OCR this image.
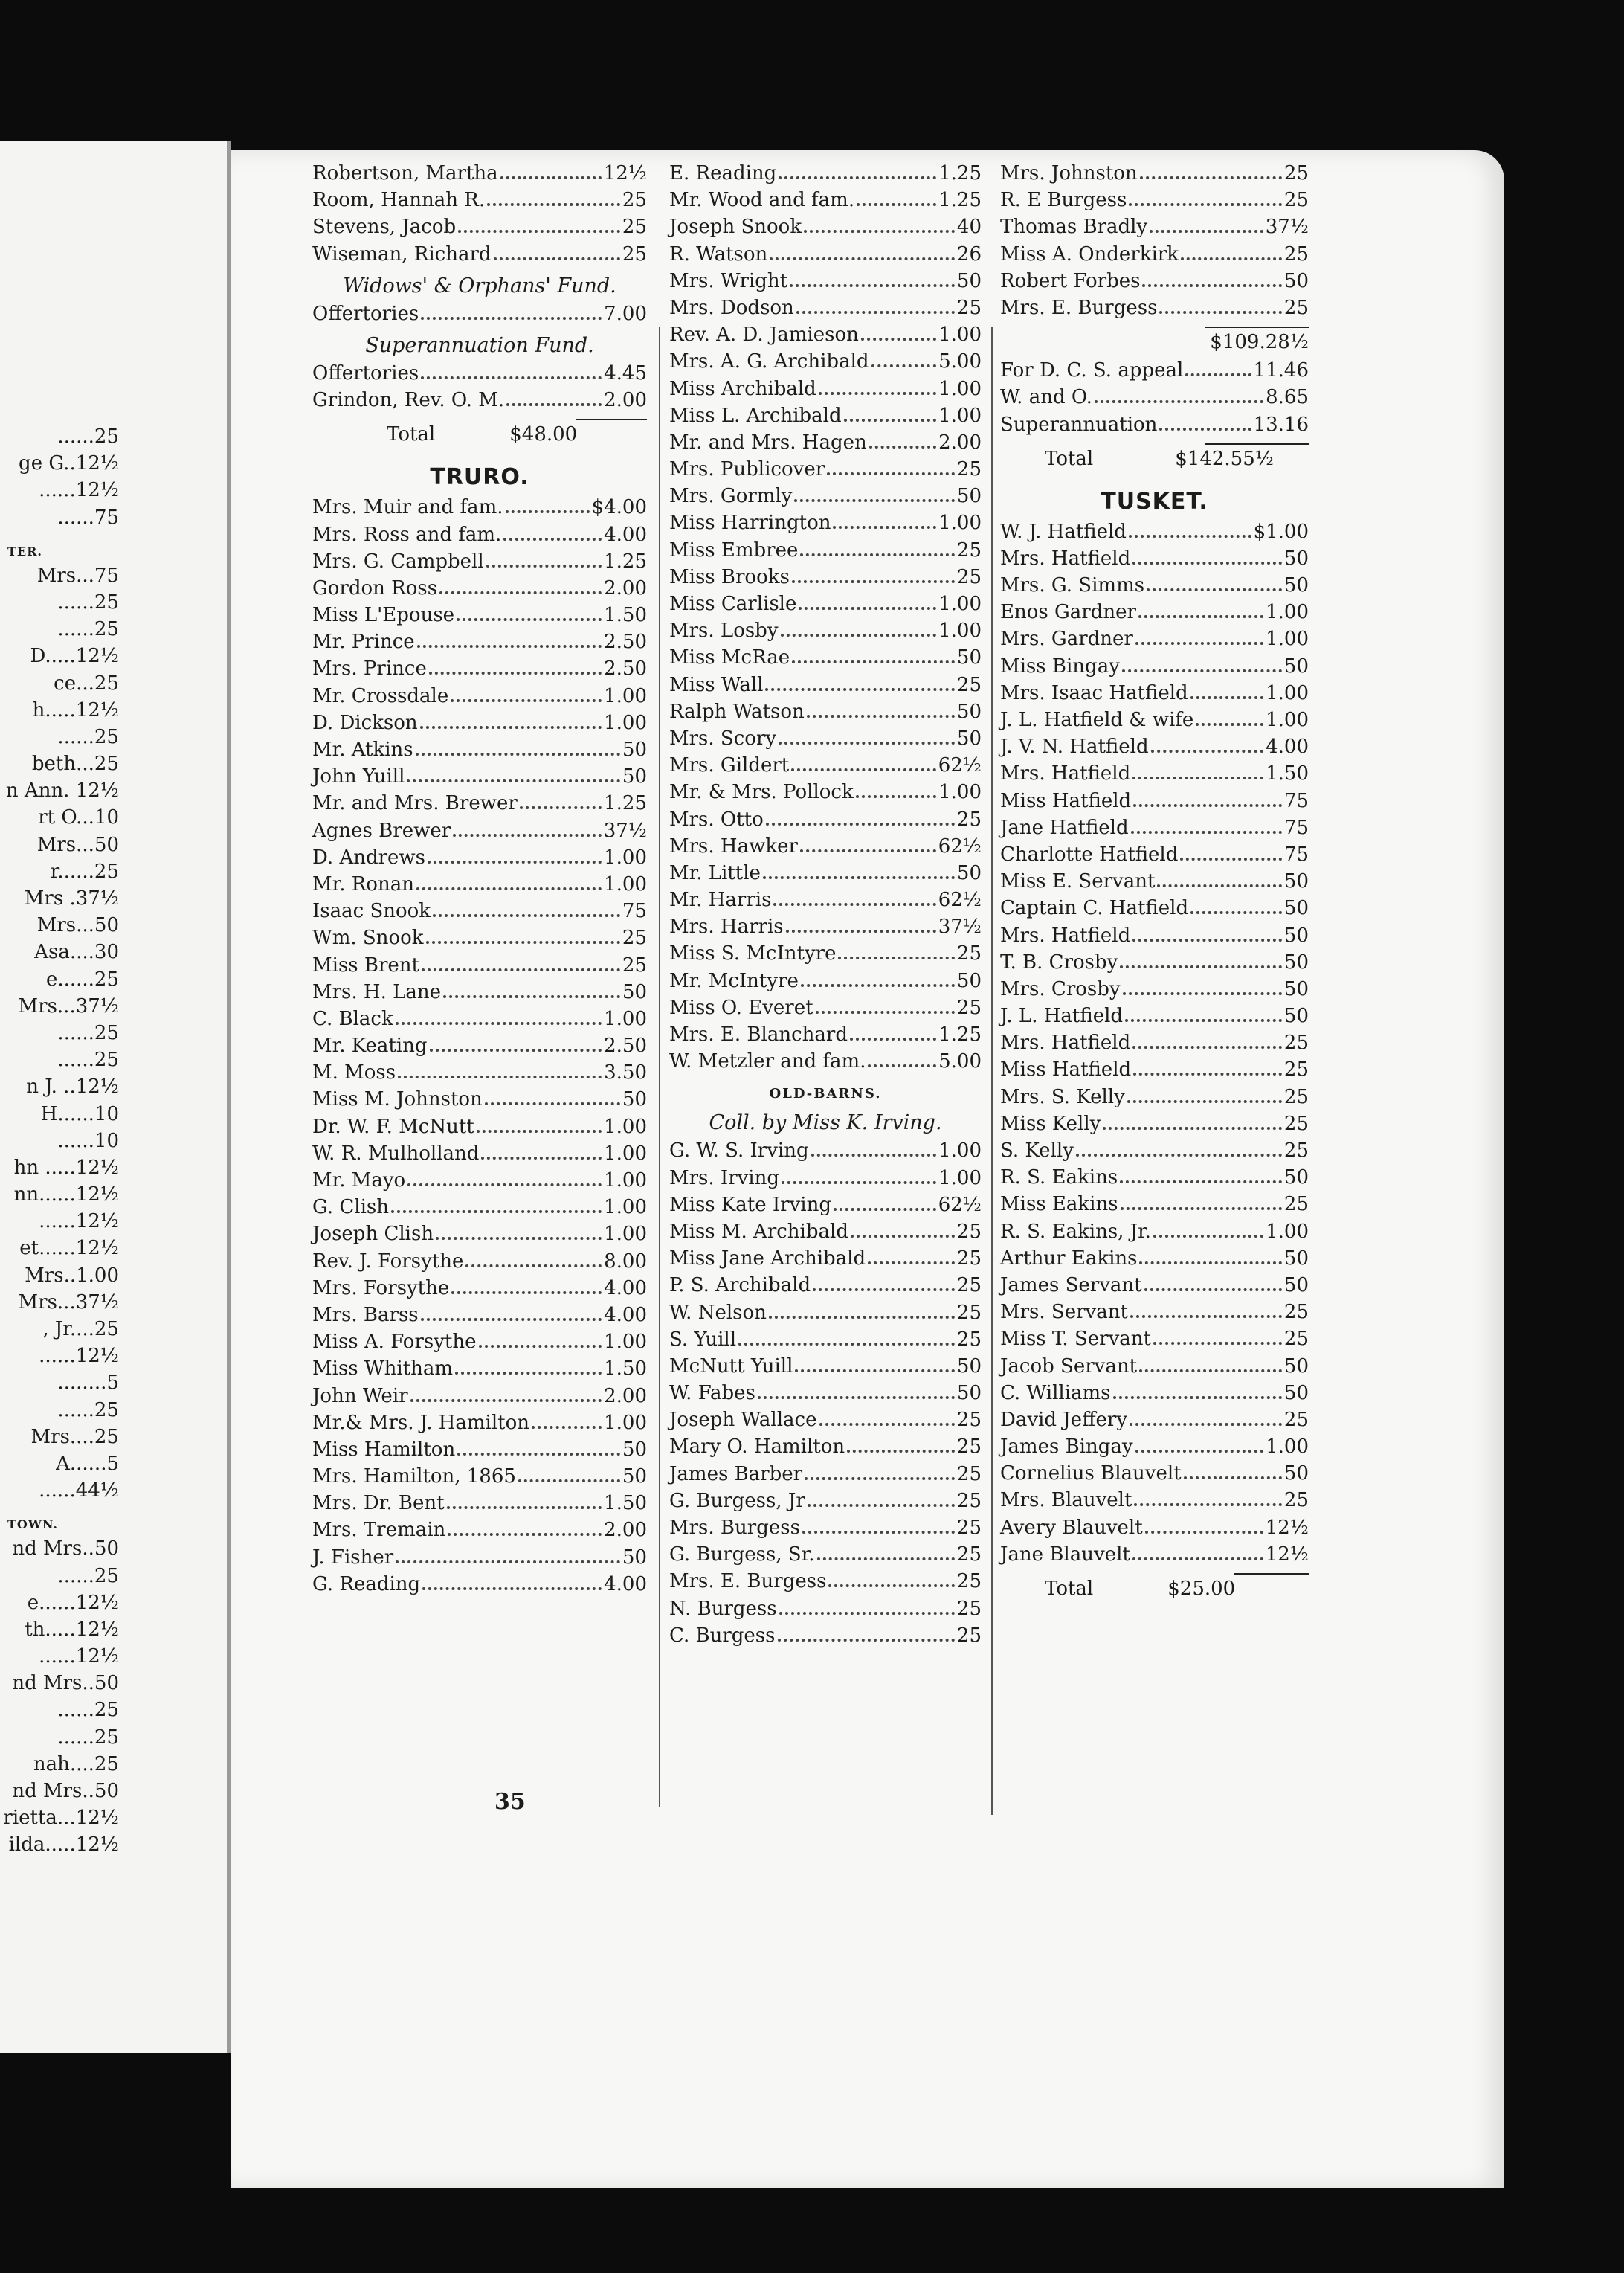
......25
ge G..12½
......12½
......75
TER.
Mrs...75
......25
......25
D.....12½
ce...25
h.....12½
......25
beth...25
n Ann. 12½
rt O...10
Mrs...50
r......25
Mrs .37½
Mrs...50
Asa....30
e......25
Mrs...37½
......25
......25
n J. ..12½
H......10
......10
hn .....12½
nn......12½
......12½
et......12½
Mrs..1.00
Mrs...37½
, Jr....25
......12½
........5
......25
Mrs....25
A......5
......44½
TOWN.
nd Mrs..50
......25
e......12½
th.....12½
......12½
nd Mrs..50
......25
......25
nah....25
nd Mrs..50
rietta...12½
ilda.....12½
Robertson, Martha	12½
Room, Hannah R.	25
Stevens, Jacob	25
Wiseman, Richard	25
Widows' & Orphans' Fund.
Offertories	7.00
Superannuation Fund.
Offertories	4.45
Grindon, Rev. O. M.	2.00
Total	$48.00
TRURO.
Mrs. Muir and fam.	$4.00
Mrs. Ross and fam.	4.00
Mrs. G. Campbell	1.25
Gordon Ross	2.00
Miss L'Epouse	1.50
Mr. Prince	2.50
Mrs. Prince	2.50
Mr. Crossdale	1.00
D. Dickson	1.00
Mr. Atkins	50
John Yuill	50
Mr. and Mrs. Brewer	1.25
Agnes Brewer	37½
D. Andrews	1.00
Mr. Ronan	1.00
Isaac Snook	75
Wm. Snook	25
Miss Brent	25
Mrs. H. Lane	50
C. Black	1.00
Mr. Keating	2.50
M. Moss	3.50
Miss M. Johnston	50
Dr. W. F. McNutt	1.00
W. R. Mulholland	1.00
Mr. Mayo	1.00
G. Clish	1.00
Joseph Clish	1.00
Rev. J. Forsythe	8.00
Mrs. Forsythe	4.00
Mrs. Barss	4.00
Miss A. Forsythe	1.00
Miss Whitham	1.50
John Weir	2.00
Mr.& Mrs. J. Hamilton	1.00
Miss Hamilton	50
Mrs. Hamilton, 1865	50
Mrs. Dr. Bent	1.50
Mrs. Tremain	2.00
J. Fisher	50
G. Reading	4.00
E. Reading	1.25
Mr. Wood and fam.	1.25
Joseph Snook	40
R. Watson	26
Mrs. Wright	50
Mrs. Dodson	25
Rev. A. D. Jamieson	1.00
Mrs. A. G. Archibald	5.00
Miss Archibald	1.00
Miss L. Archibald	1.00
Mr. and Mrs. Hagen	2.00
Mrs. Publicover	25
Mrs. Gormly	50
Miss Harrington	1.00
Miss Embree	25
Miss Brooks	25
Miss Carlisle	1.00
Mrs. Losby	1.00
Miss McRae	50
Miss Wall	25
Ralph Watson	50
Mrs. Scory	50
Mrs. Gildert	62½
Mr. & Mrs. Pollock	1.00
Mrs. Otto	25
Mrs. Hawker	62½
Mr. Little	50
Mr. Harris	62½
Mrs. Harris	37½
Miss S. McIntyre	25
Mr. McIntyre	50
Miss O. Everet	25
Mrs. E. Blanchard	1.25
W. Metzler and fam.	5.00
OLD-BARNS.
Coll. by Miss K. Irving.
G. W. S. Irving	1.00
Mrs. Irving	1.00
Miss Kate Irving	62½
Miss M. Archibald	25
Miss Jane Archibald	25
P. S. Archibald	25
W. Nelson	25
S. Yuill	25
McNutt Yuill	50
W. Fabes	50
Joseph Wallace	25
Mary O. Hamilton	25
James Barber	25
G. Burgess, Jr	25
Mrs. Burgess	25
G. Burgess, Sr.	25
Mrs. E. Burgess	25
N. Burgess	25
C. Burgess	25
Mrs. Johnston	25
R. E Burgess	25
Thomas Bradly	37½
Miss A. Onderkirk	25
Robert Forbes	50
Mrs. E. Burgess	25
$109.28½
For D. C. S. appeal	11.46
W. and O.	8.65
Superannuation	13.16
Total	$142.55½
TUSKET.
W. J. Hatfield	$1.00
Mrs. Hatfield	50
Mrs. G. Simms	50
Enos Gardner	1.00
Mrs. Gardner	1.00
Miss Bingay	50
Mrs. Isaac Hatfield	1.00
J. L. Hatfield & wife	1.00
J. V. N. Hatfield	4.00
Mrs. Hatfield	1.50
Miss Hatfield	75
Jane Hatfield	75
Charlotte Hatfield	75
Miss E. Servant	50
Captain C. Hatfield	50
Mrs. Hatfield	50
T. B. Crosby	50
Mrs. Crosby	50
J. L. Hatfield	50
Mrs. Hatfield	25
Miss Hatfield	25
Mrs. S. Kelly	25
Miss Kelly	25
S. Kelly	25
R. S. Eakins	50
Miss Eakins	25
R. S. Eakins, Jr.	1.00
Arthur Eakins	50
James Servant	50
Mrs. Servant	25
Miss T. Servant	25
Jacob Servant	50
C. Williams	50
David Jeffery	25
James Bingay	1.00
Cornelius Blauvelt	50
Mrs. Blauvelt	25
Avery Blauvelt	12½
Jane Blauvelt	12½
Total	$25.00
35
